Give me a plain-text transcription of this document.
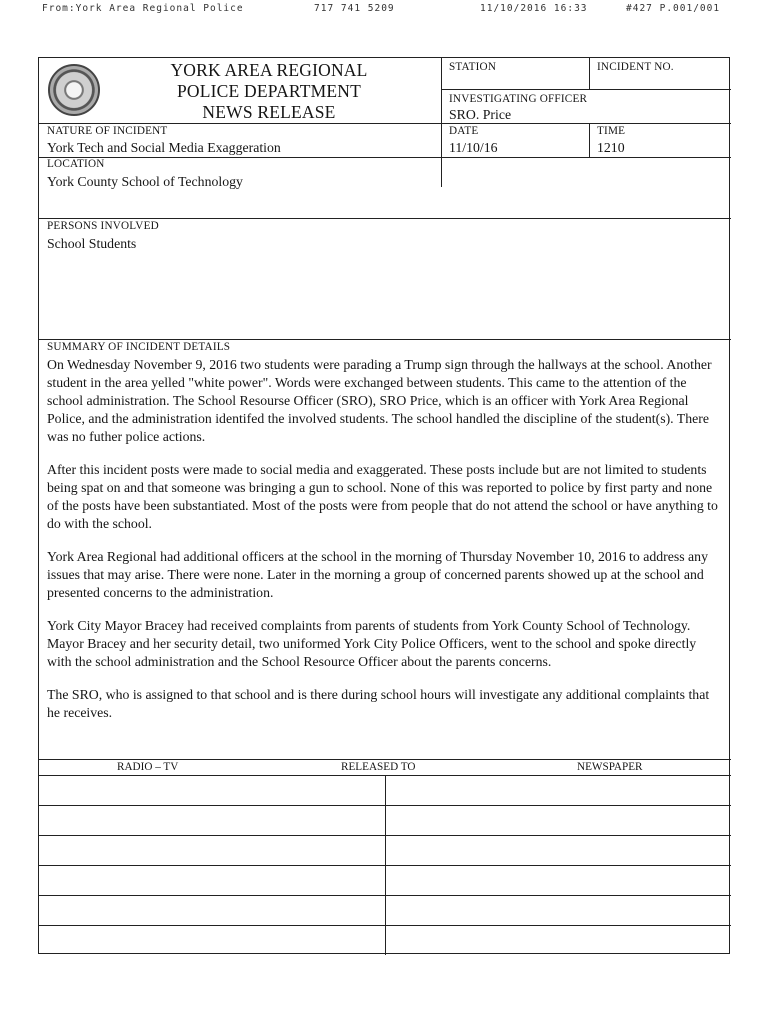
From:York Area Regional Police	717 741 5209	11/10/2016 16:33	#427 P.001/001
YORK AREA REGIONAL
POLICE DEPARTMENT
NEWS RELEASE
STATION	INCIDENT NO.
INVESTIGATING OFFICER
SRO. Price
NATURE OF INCIDENT
York Tech and Social Media Exaggeration
DATE
11/10/16
TIME
1210
LOCATION
York County School of Technology
PERSONS INVOLVED
School Students
SUMMARY OF INCIDENT DETAILS

On Wednesday November 9, 2016 two students were parading a Trump sign through the hallways at the school. Another student in the area yelled "white power". Words were exchanged between students. This came to the attention of the school administration. The School Resourse Officer (SRO), SRO Price, which is an officer with York Area Regional Police, and the administration identifed the involved students. The school handled the discipline of the student(s). There was no futher police actions.

After this incident posts were made to social media and exaggerated. These posts include but are not limited to students being spat on and that someone was bringing a gun to school. None of this was reported to police by first party and none of the posts have been substantiated. Most of the posts were from people that do not attend the school or have anything to do with the school.

York Area Regional had additional officers at the school in the morning of Thursday November 10, 2016 to address any issues that may arise. There were none. Later in the morning a group of concerned parents showed up at the school and presented concerns to the administration.

York City Mayor Bracey had received complaints from parents of students from York County School of Technology. Mayor Bracey and her security detail, two uniformed York City Police Officers, went to the school and spoke directly with the school administration and the School Resource Officer about the parents concerns.

The SRO, who is assigned to that school and is there during school hours will investigate any additional complaints that he receives.

RADIO – TV	RELEASED TO	NEWSPAPER
